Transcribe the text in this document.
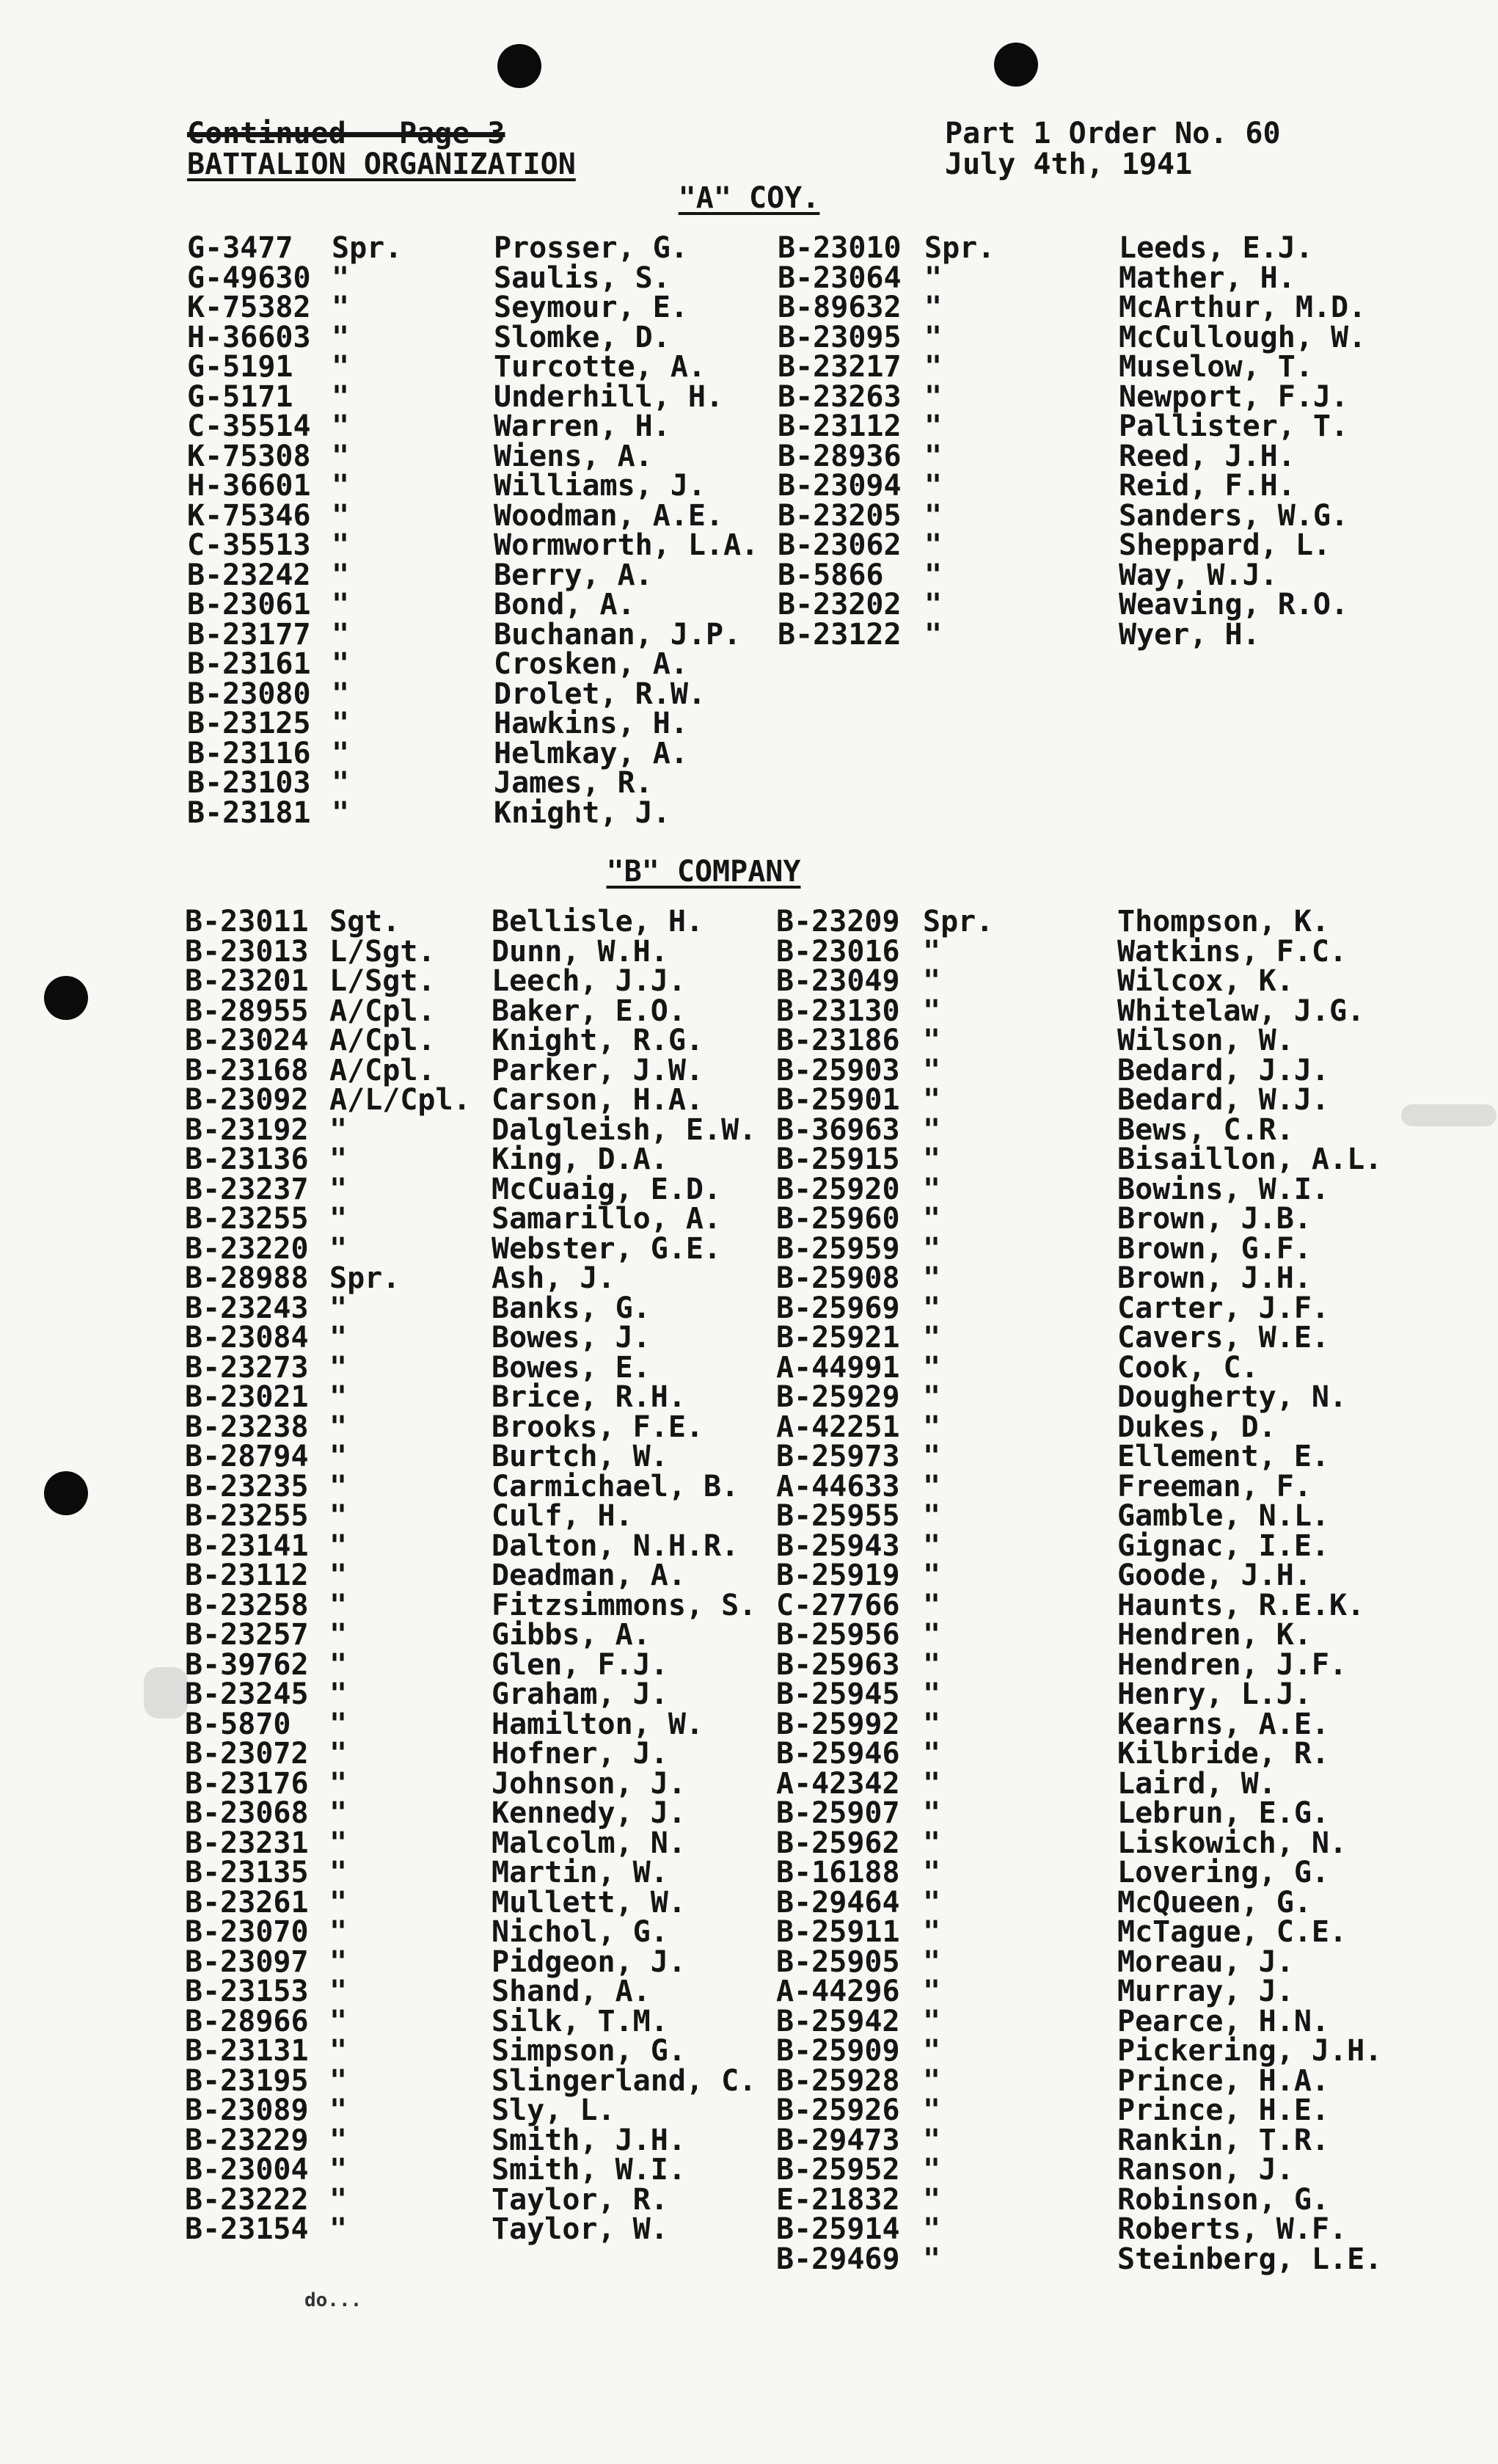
Continued - Page 3
BATTALION ORGANIZATION
Part 1 Order No. 60
July 4th, 1941
"A" COY.
G-3477 Spr.	Prosser, G.
G-49630 "	Saulis, S.
K-75382 "	Seymour, E.
H-36603 "	Slomke, D.
G-5191 "	Turcotte, A.
G-5171 "	Underhill, H.
C-35514 "	Warren, H.
K-75308 "	Wiens, A.
H-36601 "	Williams, J.
K-75346 "	Woodman, A.E.
C-35513 "	Wormworth, L.A.
B-23242 "	Berry, A.
B-23061 "	Bond, A.
B-23177 "	Buchanan, J.P.
B-23161 "	Crosken, A.
B-23080 "	Drolet, R.W.
B-23125 "	Hawkins, H.
B-23116 "	Helmkay, A.
B-23103 "	James, R.
B-23181 "	Knight, J.
B-23010 Spr.	Leeds, E.J.
B-23064 "	Mather, H.
B-89632 "	McArthur, M.D.
B-23095 "	McCullough, W.
B-23217 "	Muselow, T.
B-23263 "	Newport, F.J.
B-23112 "	Pallister, T.
B-28936 "	Reed, J.H.
B-23094 "	Reid, F.H.
B-23205 "	Sanders, W.G.
B-23062 "	Sheppard, L.
B-5866 "	Way, W.J.
B-23202 "	Weaving, R.O.
B-23122 "	Wyer, H.
"B" COMPANY
B-23011 Sgt.	Bellisle, H.
B-23013 L/Sgt. Dunn, W.H.
B-23201 L/Sgt. Leech, J.J.
B-28955 A/Cpl. Baker, E.O.
B-23024 A/Cpl. Knight, R.G.
B-23168 A/Cpl. Parker, J.W.
B-23092 A/L/Cpl. Carson, H.A.
B-23192 "	Dalgleish, E.W.
B-23136 "	King, D.A.
B-23237 "	McCuaig, E.D.
B-23255 "	Samarillo, A.
B-23220 "	Webster, G.E.
B-28988 Spr.	Ash, J.
B-23243 "	Banks, G.
B-23084 "	Bowes, J.
B-23273 "	Bowes, E.
B-23021 "	Brice, R.H.
B-23238 "	Brooks, F.E.
B-28794 "	Burtch, W.
B-23235 "	Carmichael, B.
B-23255 "	Culf, H.
B-23141 "	Dalton, N.H.R.
B-23112 "	Deadman, A.
B-23258 "	Fitzsimmons, S.
B-23257 "	Gibbs, A.
B-39762 "	Glen, F.J.
B-23245 "	Graham, J.
B-5870 "	Hamilton, W.
B-23072 "	Hofner, J.
B-23176 "	Johnson, J.
B-23068 "	Kennedy, J.
B-23231 "	Malcolm, N.
B-23135 "	Martin, W.
B-23261 "	Mullett, W.
B-23070 "	Nichol, G.
B-23097 "	Pidgeon, J.
B-23153 "	Shand, A.
B-28966 "	Silk, T.M.
B-23131 "	Simpson, G.
B-23195 "	Slingerland, C.
B-23089 "	Sly, L.
B-23229 "	Smith, J.H.
B-23004 "	Smith, W.I.
B-23222 "	Taylor, R.
B-23154 "	Taylor, W.
B-23209 Spr.	Thompson, K.
B-23016 "	Watkins, F.C.
B-23049 "	Wilcox, K.
B-23130 "	Whitelaw, J.G.
B-23186 "	Wilson, W.
B-25903 "	Bedard, J.J.
B-25901 "	Bedard, W.J.
B-36963 "	Bews, C.R.
B-25915 "	Bisaillon, A.L.
B-25920 "	Bowins, W.I.
B-25960 "	Brown, J.B.
B-25959 "	Brown, G.F.
B-25908 "	Brown, J.H.
B-25969 "	Carter, J.F.
B-25921 "	Cavers, W.E.
A-44991 "	Cook, C.
B-25929 "	Dougherty, N.
A-42251 "	Dukes, D.
B-25973 "	Ellement, E.
A-44633 "	Freeman, F.
B-25955 "	Gamble, N.L.
B-25943 "	Gignac, I.E.
B-25919 "	Goode, J.H.
C-27766 "	Haunts, R.E.K.
B-25956 "	Hendren, K.
B-25963 "	Hendren, J.F.
B-25945 "	Henry, L.J.
B-25992 "	Kearns, A.E.
B-25946 "	Kilbride, R.
A-42342 "	Laird, W.
B-25907 "	Lebrun, E.G.
B-25962 "	Liskowich, N.
B-16188 "	Lovering, G.
B-29464 "	McQueen, G.
B-25911 "	McTague, C.E.
B-25905 "	Moreau, J.
A-44296 "	Murray, J.
B-25942 "	Pearce, H.N.
B-25909 "	Pickering, J.H.
B-25928 "	Prince, H.A.
B-25926 "	Prince, H.E.
B-29473 "	Rankin, T.R.
B-25952 "	Ranson, J.
E-21832 "	Robinson, G.
B-25914 "	Roberts, W.F.
B-29469 "	Steinberg, L.E.
do...
